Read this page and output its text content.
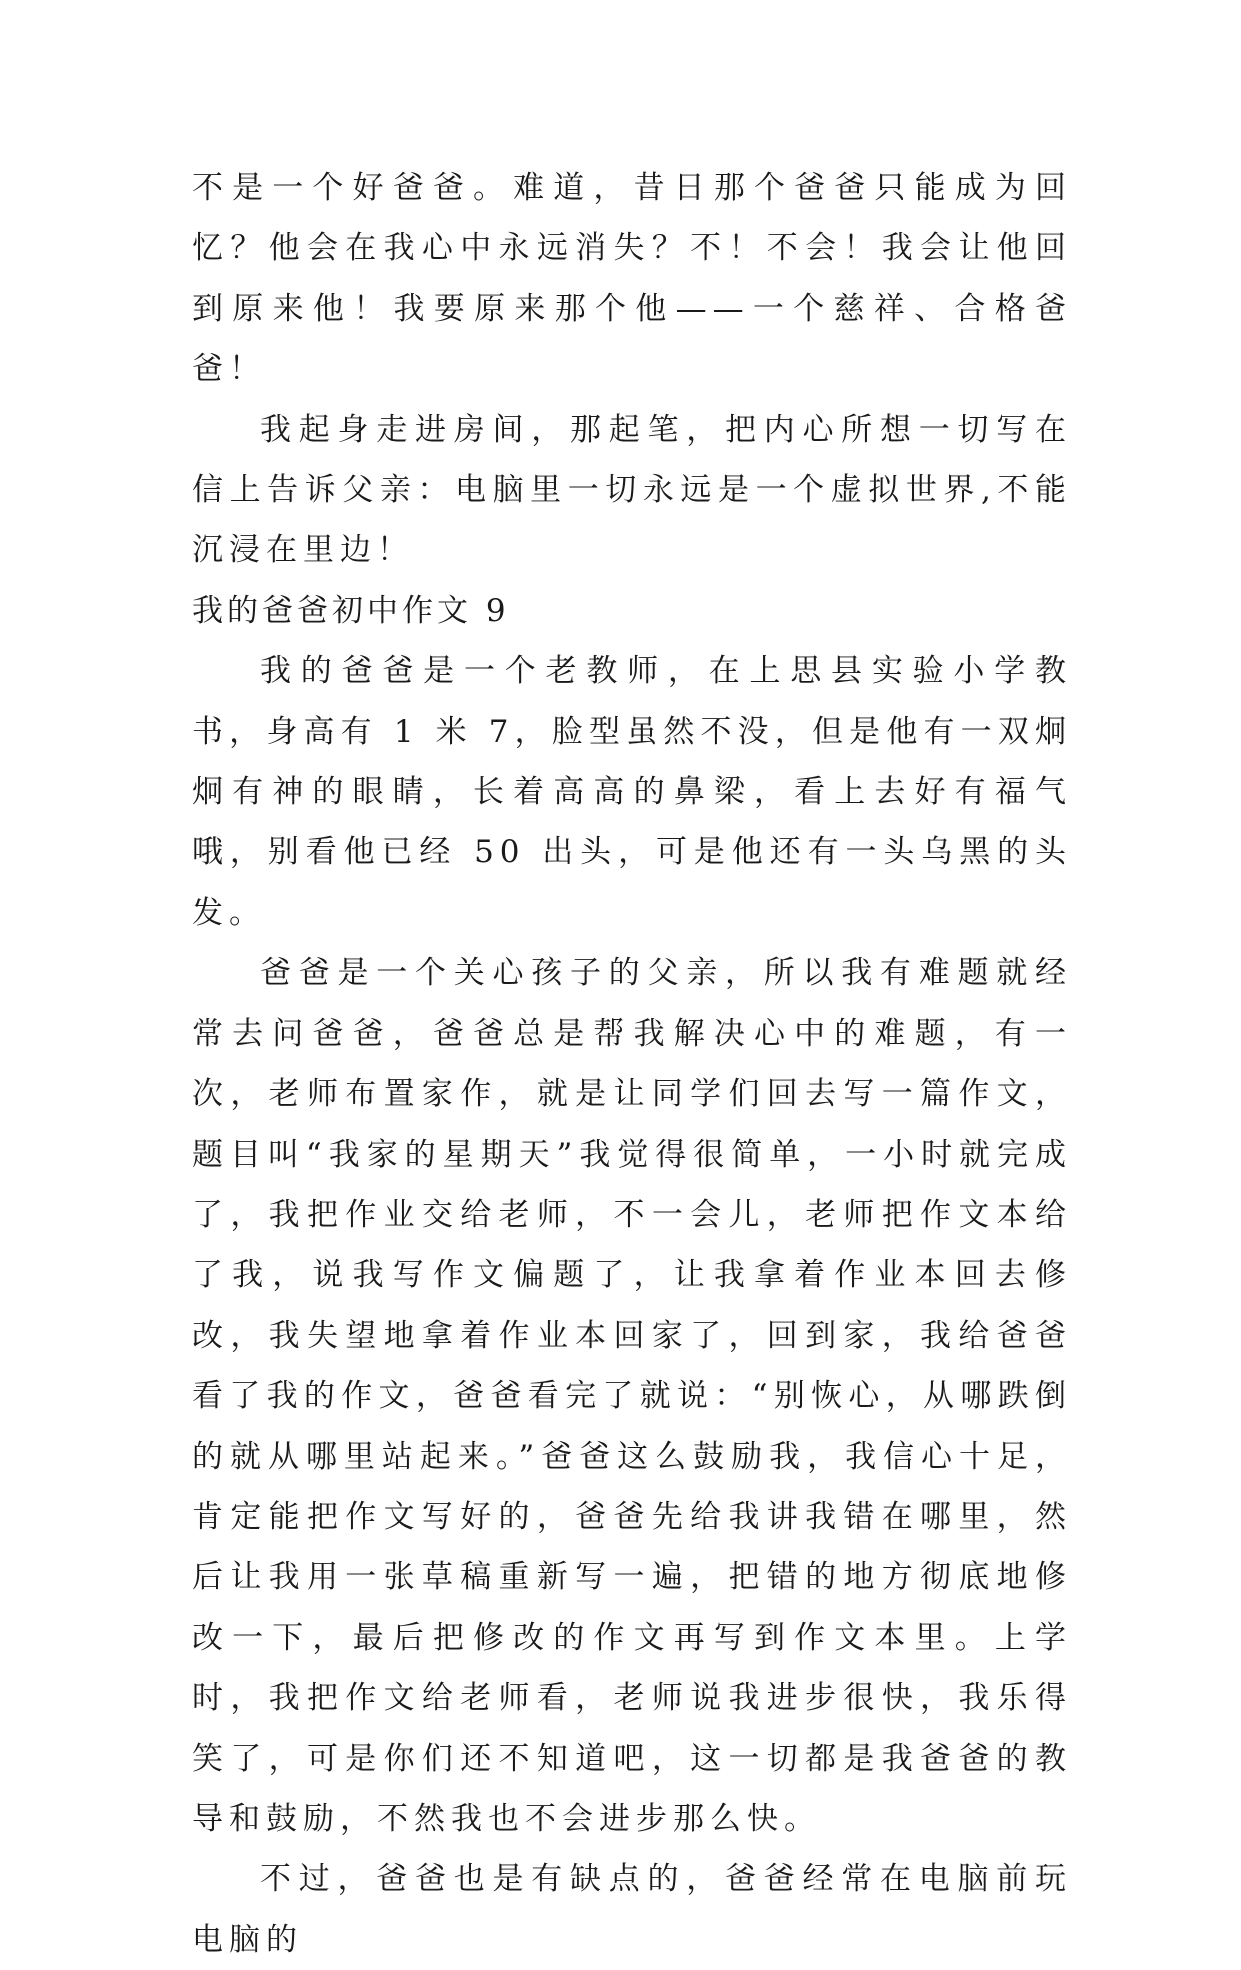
不是一个好爸爸。难道，昔日那个爸爸只能成为回忆？他会在我心中永远消失？不！不会！我会让他回到原来他！我要原来那个他——一个慈祥、合格爸爸！

我起身走进房间，那起笔，把内心所想一切写在信上告诉父亲：电脑里一切永远是一个虚拟世界,不能沉浸在里边！

我的爸爸初中作文 9

我的爸爸是一个老教师，在上思县实验小学教书，身高有 1 米 7，脸型虽然不没，但是他有一双炯炯有神的眼睛，长着高高的鼻梁，看上去好有福气哦，别看他已经 50 出头，可是他还有一头乌黑的头发。

爸爸是一个关心孩子的父亲，所以我有难题就经常去问爸爸，爸爸总是帮我解决心中的难题，有一次，老师布置家作，就是让同学们回去写一篇作文，题目叫“我家的星期天”我觉得很简单，一小时就完成了，我把作业交给老师，不一会儿，老师把作文本给了我，说我写作文偏题了，让我拿着作业本回去修改，我失望地拿着作业本回家了，回到家，我给爸爸看了我的作文，爸爸看完了就说：“别恢心，从哪跌倒的就从哪里站起来。”爸爸这么鼓励我，我信心十足，肯定能把作文写好的，爸爸先给我讲我错在哪里，然后让我用一张草稿重新写一遍，把错的地方彻底地修改一下，最后把修改的作文再写到作文本里。上学时，我把作文给老师看，老师说我进步很快，我乐得笑了，可是你们还不知道吧，这一切都是我爸爸的教导和鼓励，不然我也不会进步那么快。

不过，爸爸也是有缺点的，爸爸经常在电脑前玩电脑的
